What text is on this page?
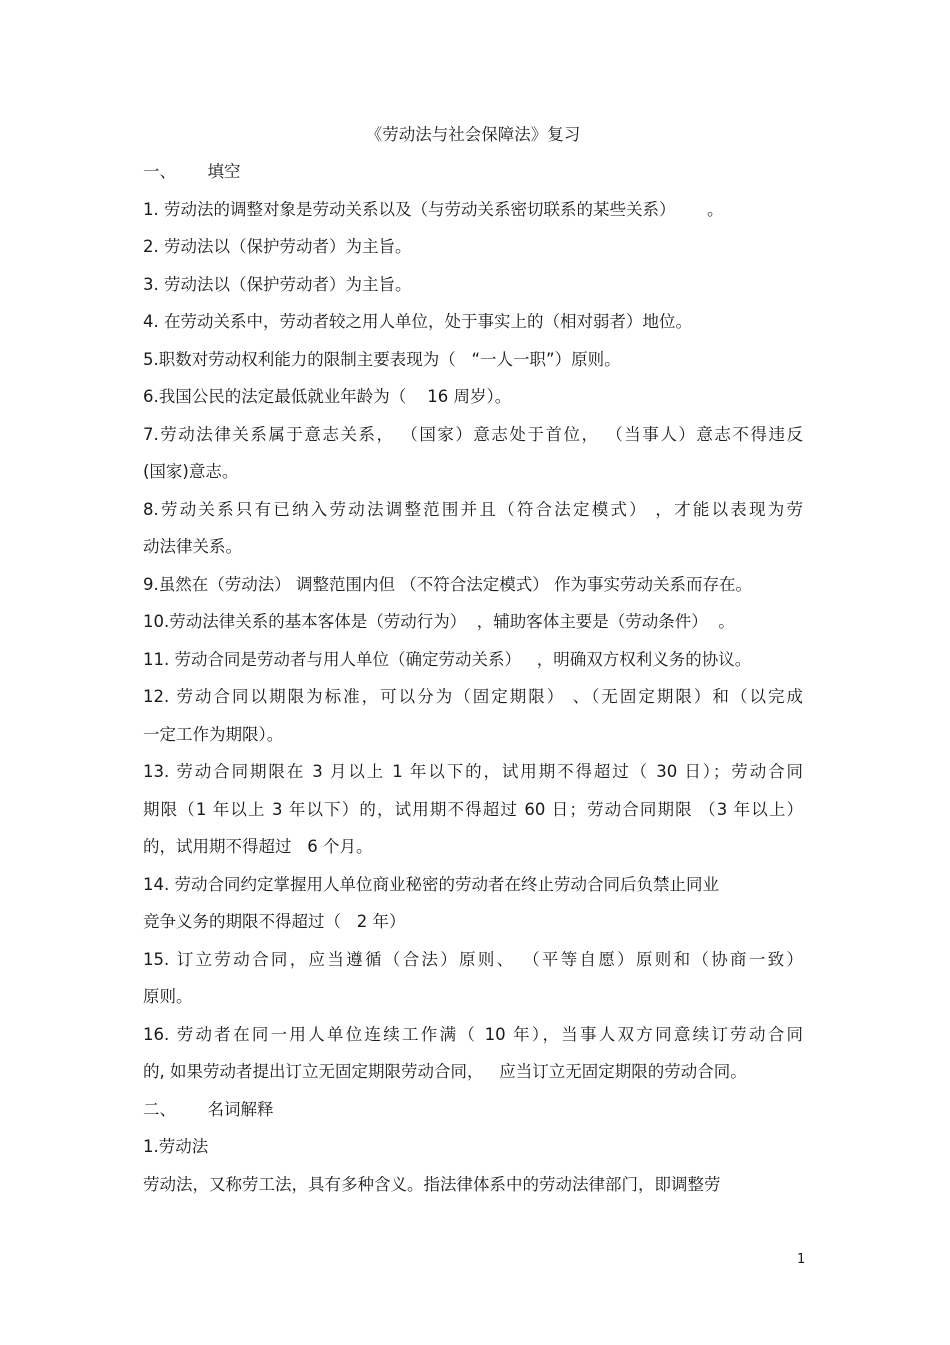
《劳动法与社会保障法》复习
一、      填空
1. 劳动法的调整对象是劳动关系以及（与劳动关系密切联系的某些关系）      。
2. 劳动法以（保护劳动者）为主旨。
3. 劳动法以（保护劳动者）为主旨。
4. 在劳动关系中，劳动者较之用人单位，处于事实上的（相对弱者）地位。
5.职数对劳动权利能力的限制主要表现为（   “一人一职”）原则。
6.我国公民的法定最低就业年龄为（    16 周岁）。
7.劳动法律关系属于意志关系， （国家）意志处于首位， （当事人）意志不得违反
(国家)意志。
8.劳动关系只有已纳入劳动法调整范围并且（符合法定模式） ，才能以表现为劳
动法律关系。
9.虽然在（劳动法） 调整范围内但 （不符合法定模式） 作为事实劳动关系而存在。
10.劳动法律关系的基本客体是（劳动行为）  ，辅助客体主要是（劳动条件）  。
11. 劳动合同是劳动者与用人单位（确定劳动关系）   ，明确双方权利义务的协议。
12. 劳动合同以期限为标准，可以分为（固定期限） 、（无固定期限）和（以完成
一定工作为期限）。
13. 劳动合同期限在 3 月以上 1 年以下的，试用期不得超过（ 30 日）；劳动合同
期限（1 年以上 3 年以下）的，试用期不得超过 60 日；劳动合同期限 （3 年以上）
的，试用期不得超过   6 个月。
14. 劳动合同约定掌握用人单位商业秘密的劳动者在终止劳动合同后负禁止同业
竞争义务的期限不得超过（   2 年）
15. 订立劳动合同，应当遵循（合法）原则、 （平等自愿）原则和（协商一致）
原则。
16. 劳动者在同一用人单位连续工作满（ 10 年），当事人双方同意续订劳动合同
的, 如果劳动者提出订立无固定期限劳动合同，   应当订立无固定期限的劳动合同。
二、      名词解释
1.劳动法
劳动法，又称劳工法，具有多种含义。指法律体系中的劳动法律部门，即调整劳
1
